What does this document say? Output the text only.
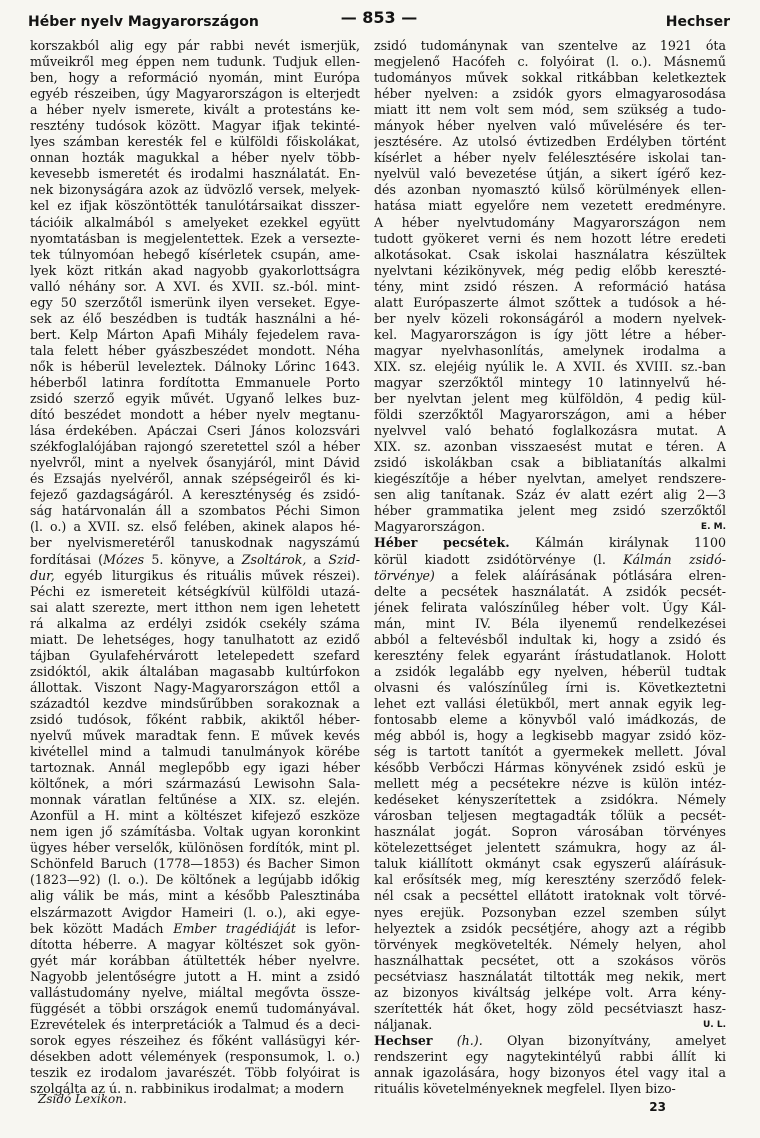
Héber nyelv Magyarországon	— 853 —	Hechser
korszakból alig egy pár rabbi nevét ismerjük,
műveikről meg éppen nem tudunk. Tudjuk ellen-
ben, hogy a reformáció nyomán, mint Európa
egyéb részeiben, úgy Magyarországon is elterjedt
a héber nyelv ismerete, kivált a protestáns ke-
resztény tudósok között. Magyar ifjak tekinté-
lyes számban keresték fel e külföldi főiskolákat,
onnan hozták magukkal a héber nyelv több-
kevesebb ismeretét és irodalmi használatát. En-
nek bizonyságára azok az üdvözlő versek, melyek-
kel ez ifjak köszöntötték tanulótársaikat disszer-
tációik alkalmából s amelyeket ezekkel együtt
nyomtatásban is megjelentettek. Ezek a versezte-
tek túlnyomóan hebegő kísérletek csupán, ame-
lyek közt ritkán akad nagyobb gyakorlottságra
valló néhány sor. A XVI. és XVII. sz.-ból. mint-
egy 50 szerzőtől ismerünk ilyen verseket. Egye-
sek az élő beszédben is tudták használni a hé-
bert. Kelp Márton Apafi Mihály fejedelem rava-
tala felett héber gyászbeszédet mondott. Néha
nők is héberül leveleztek. Dálnoky Lőrinc 1643.
héberből latinra fordította Emmanuele Porto
zsidó szerző egyik művét. Ugyanő lelkes buz-
dító beszédet mondott a héber nyelv megtanu-
lása érdekében. Apáczai Cseri János kolozsvári
székfoglalójában rajongó szeretettel szól a héber
nyelvről, mint a nyelvek ősanyjáról, mint Dávid
és Ezsajás nyelvéről, annak szépségeiről és ki-
fejező gazdagságáról. A kereszténység és zsidó-
ság határvonalán áll a szombatos Péchi Simon
(l. o.) a XVII. sz. első felében, akinek alapos hé-
ber nyelvismeretéről tanuskodnak nagyszámú
fordításai (Mózes 5. könyve, a Zsoltárok, a Szid-
dur, egyéb liturgikus és rituális művek részei).
Péchi ez ismereteit kétségkívül külföldi utazá-
sai alatt szerezte, mert itthon nem igen lehetett
rá alkalma az erdélyi zsidók csekély száma
miatt. De lehetséges, hogy tanulhatott az ezidő
tájban Gyulafehérvárott letelepedett szefard
zsidóktól, akik általában magasabb kultúrfokon
állottak. Viszont Nagy-Magyarországon ettől a
századtól kezdve mindsűrűbben sorakoznak a
zsidó tudósok, főként rabbik, akiktől héber-
nyelvű művek maradtak fenn. E művek kevés
kivétellel mind a talmudi tanulmányok körébe
tartoznak. Annál meglepőbb egy igazi héber
költőnek, a móri származású Lewisohn Sala-
monnak váratlan feltűnése a XIX. sz. elején.
Azonfül a H. mint a költészet kifejező eszköze
nem igen jő számításba. Voltak ugyan koronkint
ügyes héber verselők, különösen fordítók, mint pl.
Schönfeld Baruch (1778—1853) és Bacher Simon
(1823—92) (l. o.). De költőnek a legújabb időkig
alig válik be más, mint a később Palesztinába
elszármazott Avigdor Hameiri (l. o.), aki egye-
bek között Madách Ember tragédiáját is lefor-
dította héberre. A magyar költészet sok gyön-
gyét már korábban átültették héber nyelvre.
Nagyobb jelentőségre jutott a H. mint a zsidó
vallástudomány nyelve, miáltal megővta össze-
függését a többi országok enemű tudományával.
Ezrevételek és interpretációk a Talmud és a deci-
sorok egyes részeihez és főként vallásügyi kér-
désekben adott vélemények (responsumok, l. o.)
teszik ez irodalom javarészét. Több folyóirat is
szolgálta az ú. n. rabbinikus irodalmat; a modern
zsidó tudománynak van szentelve az 1921 óta
megjelenő Hacófeh c. folyóirat (l. o.). Másnemű
tudományos művek sokkal ritkábban keletkeztek
héber nyelven: a zsidók gyors elmagyarosodása
miatt itt nem volt sem mód, sem szükség a tudo-
mányok héber nyelven való művelésére és ter-
jesztésére. Az utolsó évtizedben Erdélyben történt
kísérlet a héber nyelv felélesztésére iskolai tan-
nyelvül való bevezetése útján, a sikert ígérő kez-
dés azonban nyomasztó külső körülmények ellen-
hatása miatt egyelőre nem vezetett eredményre.
A héber nyelvtudomány Magyarországon nem
tudott gyökeret verni és nem hozott létre eredeti
alkotásokat. Csak iskolai használatra készültek
nyelvtani kézikönyvek, még pedig előbb kereszté-
tény, mint zsidó részen. A reformáció hatása
alatt Európaszerte álmot szőttek a tudósok a hé-
ber nyelv közeli rokonságáról a modern nyelvek-
kel. Magyarországon is így jött létre a héber-
magyar nyelvhasonlítás, amelynek irodalma a
XIX. sz. elejéig nyúlik le. A XVII. és XVIII. sz.-ban
magyar szerzőktől mintegy 10 latinnyelvű hé-
ber nyelvtan jelent meg külföldön, 4 pedig kül-
földi szerzőktől Magyarországon, ami a héber
nyelvvel való beható foglalkozásra mutat. A
XIX. sz. azonban visszaesést mutat e téren. A
zsidó iskolákban csak a bibliatanítás alkalmi
kiegészítője a héber nyelvtan, amelyet rendszere-
sen alig tanítanak. Száz év alatt ezért alig 2—3
héber grammatika jelent meg zsidó szerzőktől
Magyarországon.	E. M.
Héber pecsétek. Kálmán királynak 1100
körül kiadott zsidótörvénye (l. Kálmán zsidó-
törvénye) a felek aláírásának pótlására elren-
delte a pecsétek használatát. A zsidók pecsét-
jének felirata valószínűleg héber volt. Úgy Kál-
mán, mint IV. Béla ilyenemű rendelkezései
abból a feltevésből indultak ki, hogy a zsidó és
keresztény felek egyaránt írástudatlanok. Holott
a zsidók legalább egy nyelven, héberül tudtak
olvasni és valószínűleg írni is. Következtetni
lehet ezt vallási életükből, mert annak egyik leg-
fontosabb eleme a könyvből való imádkozás, de
még abból is, hogy a legkisebb magyar zsidó köz-
ség is tartott tanítót a gyermekek mellett. Jóval
később Verbőczi Hármas könyvének zsidó eskü je
mellett még a pecsétekre nézve is külön intéz-
kedéseket kényszerítettek a zsidókra. Némely
városban teljesen megtagadták tőlük a pecsét-
használat jogát. Sopron városában törvényes
kötelezettséget jelentett számukra, hogy az ál-
taluk kiállított okmányt csak egyszerű aláírásuk-
kal erősítsék meg, míg keresztény szerződő felek-
nél csak a pecséttel ellátott iratoknak volt törvé-
nyes erejük. Pozsonyban ezzel szemben súlyt
helyeztek a zsidók pecsétjére, ahogy azt a régibb
törvények megkövetelték. Némely helyen, ahol
használhattak pecsétet, ott a szokásos vörös
pecsétviasz használatát tiltották meg nekik, mert
az bizonyos kiváltság jelképe volt. Arra kény-
szerítették hát őket, hogy zöld pecsétviaszt hasz-
náljanak.	U. L.
Hechser (h.). Olyan bizonyítvány, amelyet
rendszerint egy nagytekintélyű rabbi állít ki
annak igazolására, hogy bizonyos étel vagy ital a
rituális követelményeknek megfelel. Ilyen bizo-
Zsidó Lexikon.
23
